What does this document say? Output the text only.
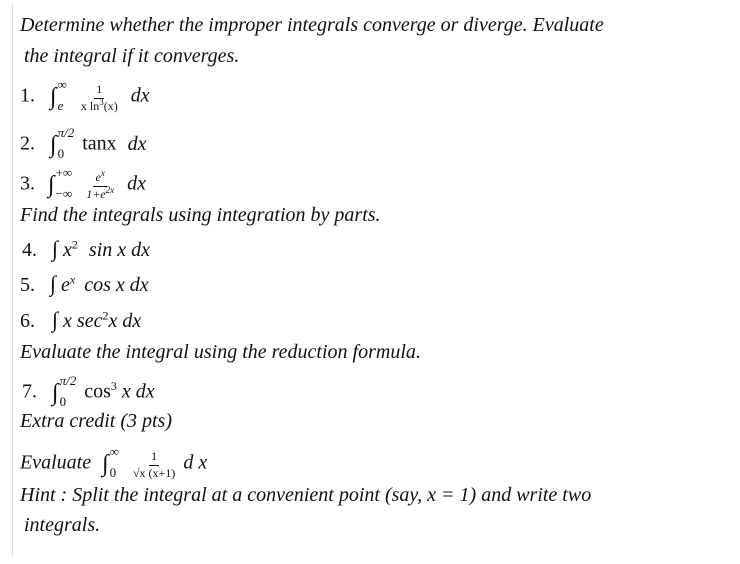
Determine whether the improper integrals converge or diverge. Evaluate
the integral if it converges.
1. ∫ ∞
e $\frac{1}{x \ln^3(x)}$ dx
2. ∫ π/2
0 tanx dx
3. ∫ +∞
−∞ $\frac{e^x}{1+e^{2x}}$ dx
Find the integrals using integration by parts.
4. ∫ $x^2$ sin x dx
5. ∫ $e^x$ cos x dx
6. ∫ x $\sec^2x$ dx
Evaluate the integral using the reduction formula.
7. ∫ π/2
0 $\cos^3 x$ dx
Extra credit (3 pts)
Evaluate ∫ ∞
$0 \frac{1}{√x (x+1)}$ d x
Hint : Split the integral at a convenient point (say, x = 1) and write two
integrals.
